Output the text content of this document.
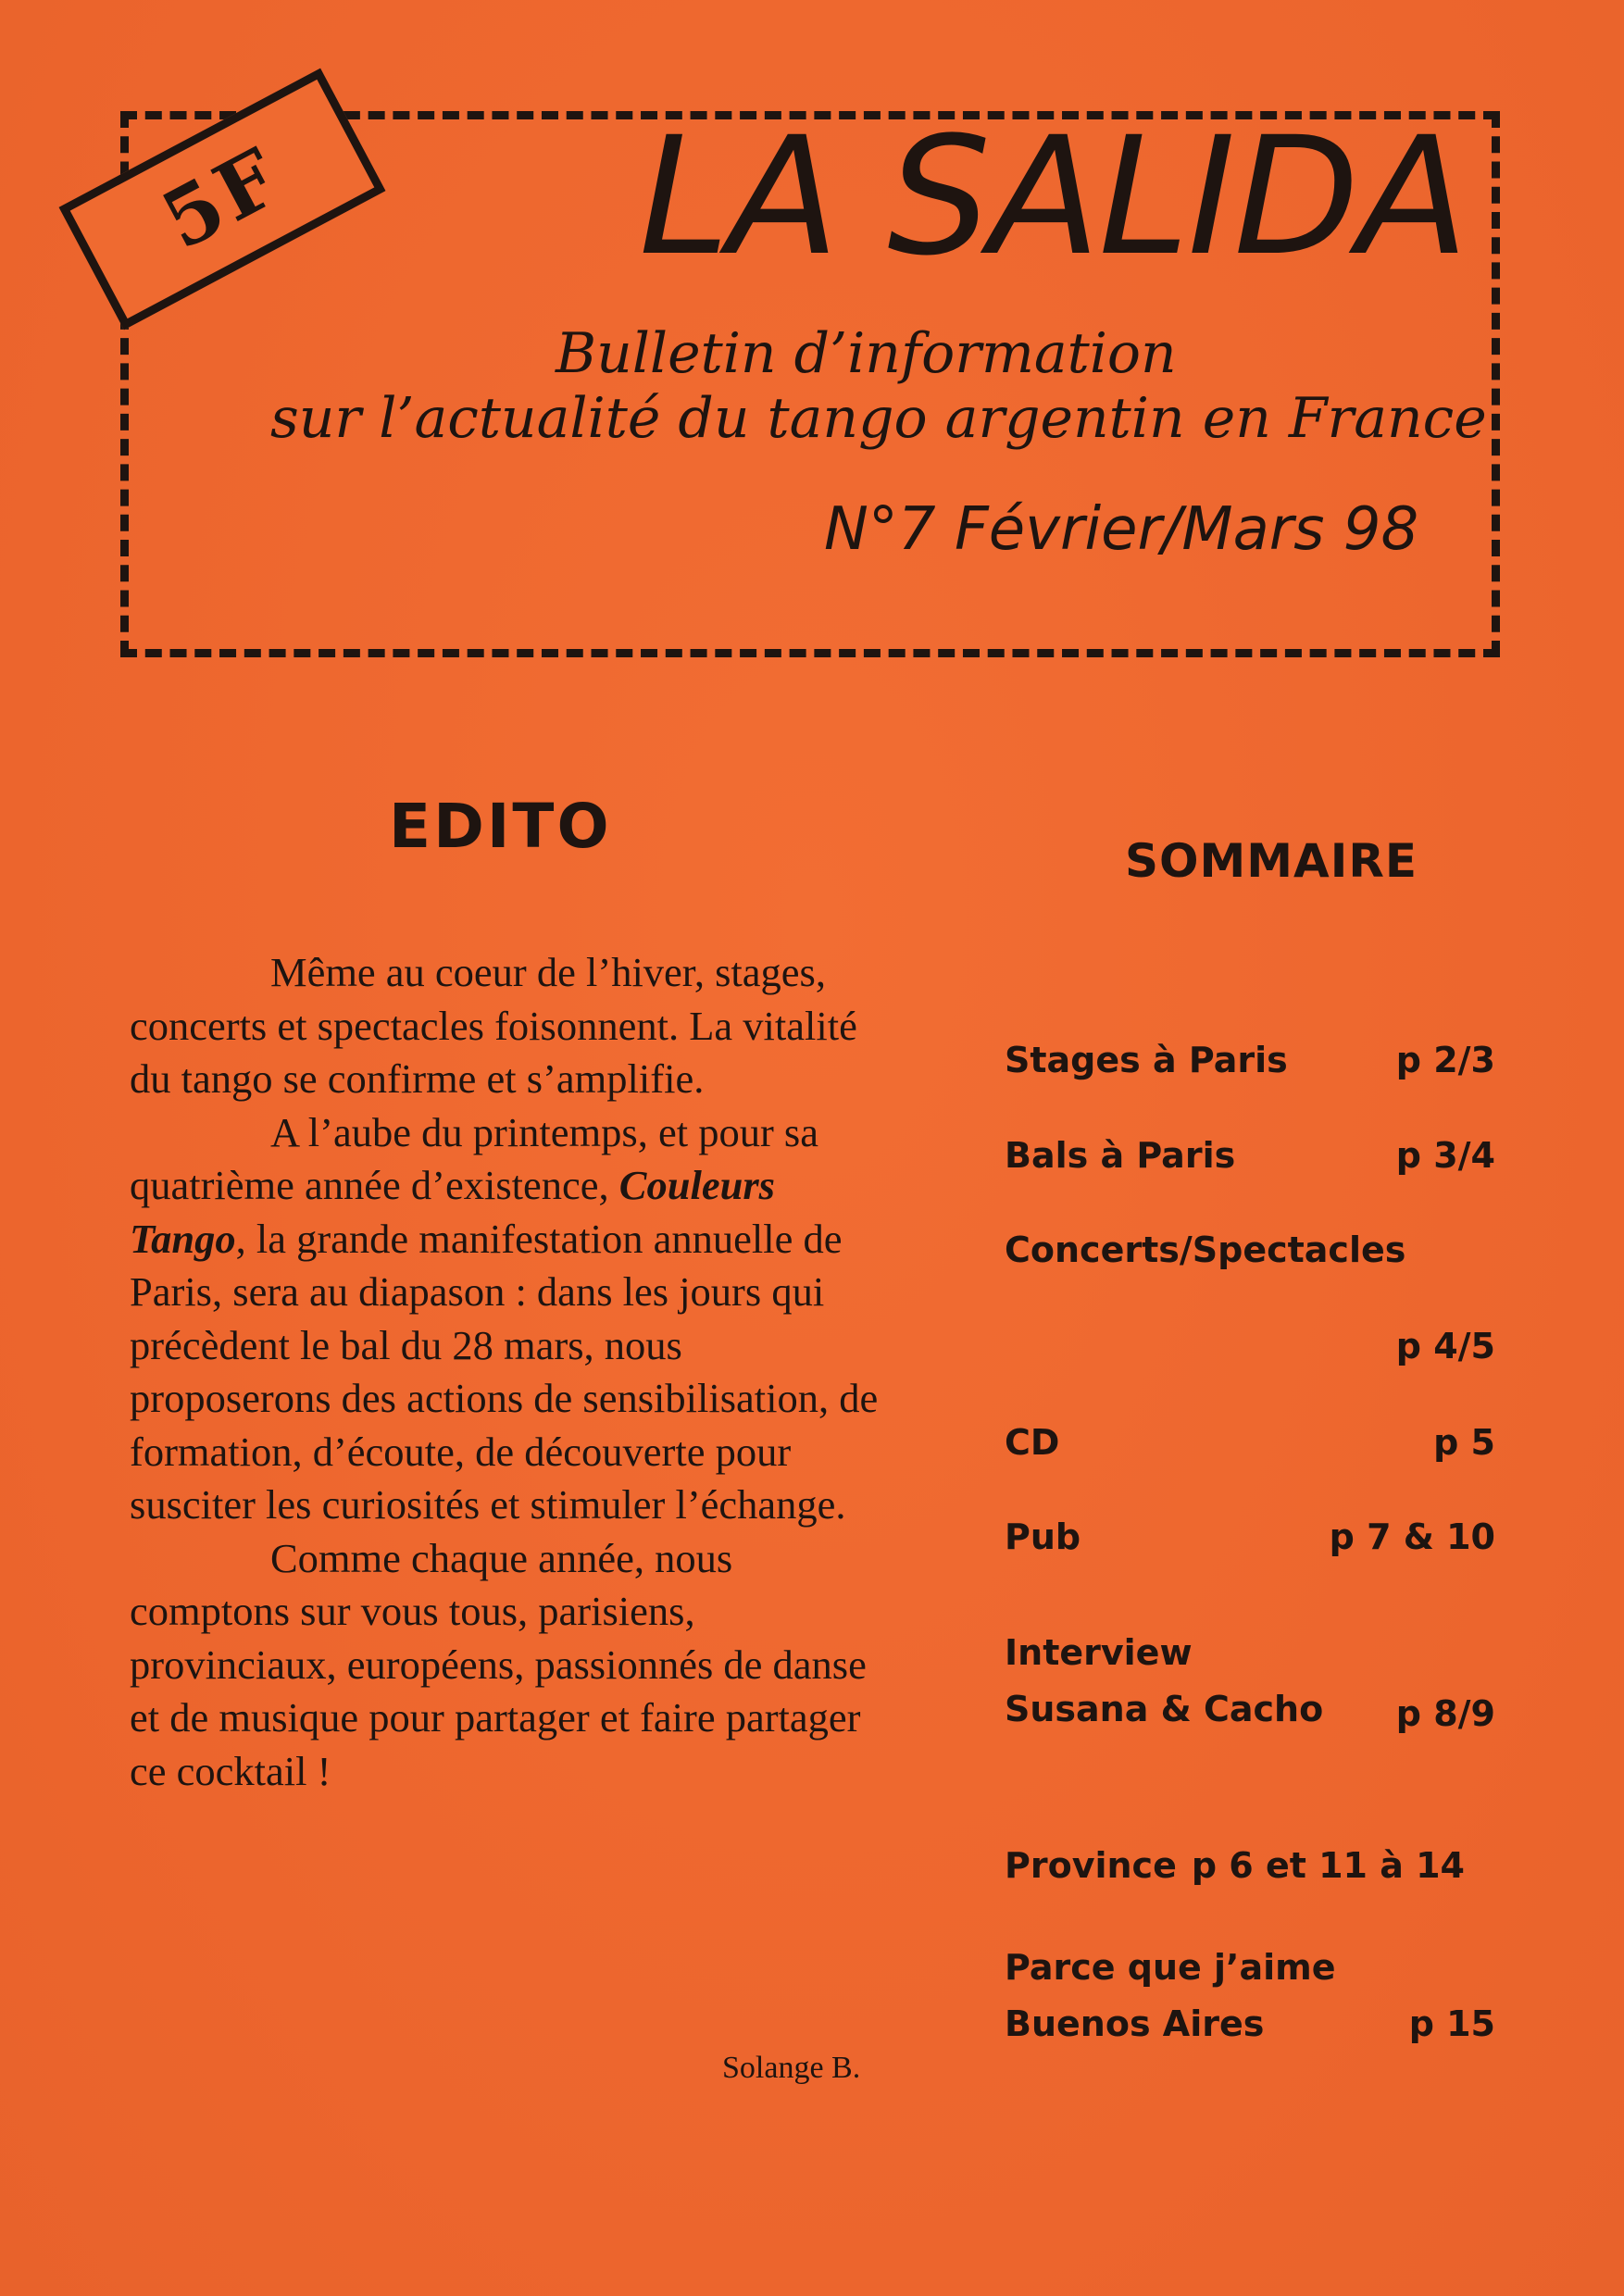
5F LA SALIDA
Bulletin d’information
sur l’actualité du tango argentin en France
N°7 Février/Mars 98
EDITO

Même au coeur de l’hiver, stages, concerts et spectacles foisonnent. La vitalité du tango se confirme et s’amplifie.

A l’aube du printemps, et pour sa quatrième année d’existence, Couleurs Tango, la grande manifestation annuelle de Paris, sera au diapason : dans les jours qui précèdent le bal du 28 mars, nous proposerons des actions de sensibilisation, de formation, d’écoute, de découverte pour susciter les curiosités et stimuler l’échange.

Comme chaque année, nous comptons sur vous tous, parisiens, provinciaux, européens, passionnés de danse et de musique pour partager et faire partager ce cocktail !

Solange B.
SOMMAIRE
Stages à Paris	p 2/3
Bals à Paris	p 3/4
Concerts/Spectacles
p 4/5
CD	p 5
Pub	p 7 & 10
Interview Susana & Cacho	p 8/9
Province p 6 et 11 à 14
Parce que j’aime Buenos Aires	p 15
